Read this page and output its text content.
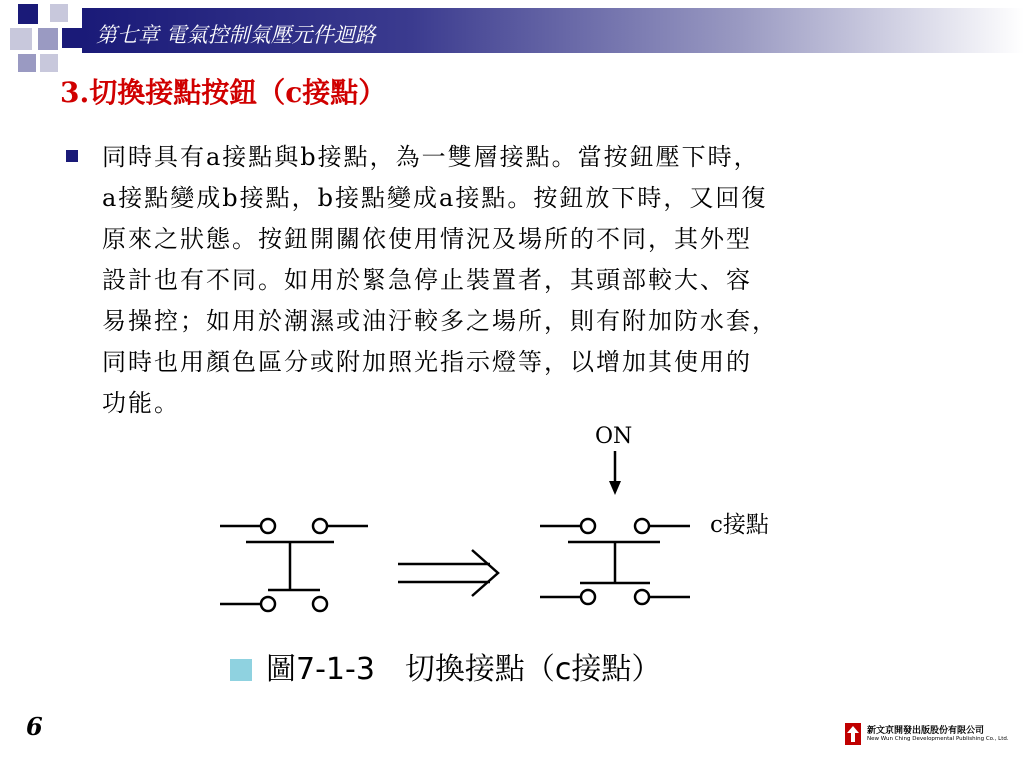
第七章 電氣控制氣壓元件迴路
3.切換接點按鈕（c接點）
同時具有a接點與b接點，為一雙層接點。當按鈕壓下時，
a接點變成b接點，b接點變成a接點。按鈕放下時，又回復
原來之狀態。按鈕開關依使用情況及場所的不同，其外型
設計也有不同。如用於緊急停止裝置者，其頭部較大、容
易操控；如用於潮濕或油汙較多之場所，則有附加防水套，
同時也用顏色區分或附加照光指示燈等，以增加其使用的
功能。
ON
c接點
圖7-1-3　切換接點（c接點）
6	新文京開發出版股份有限公司
New Wun Ching Developmental Publishing Co., Ltd.
